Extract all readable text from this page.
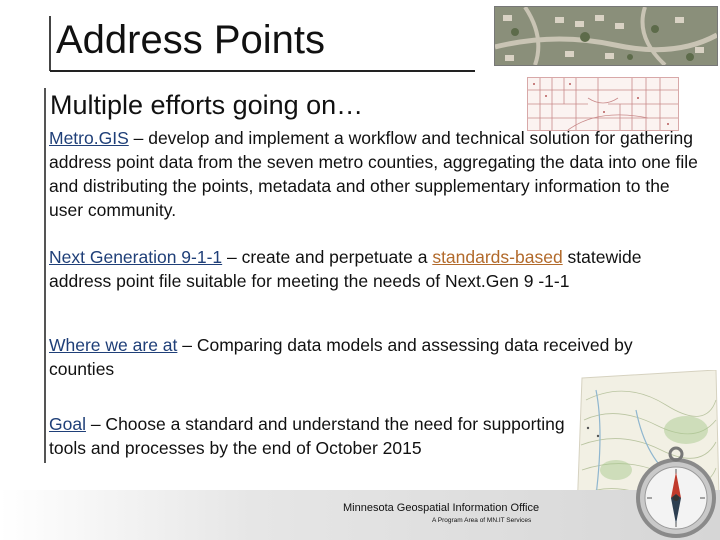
Address Points
Multiple efforts going on…

Metro.GIS – develop and implement a workflow and technical solution for gathering address point data from the seven metro counties, aggregating the data into one file and distributing the points, metadata and other supplementary information to the user community.

Next Generation 9-1-1 – create and perpetuate a standards-based statewide address point file suitable for meeting the needs of Next.Gen 9 -1-1

Where we are at – Comparing data models and assessing data received by counties

Goal – Choose a standard and understand the need for supporting tools and processes by the end of October 2015

Minnesota Geospatial Information Office
A Program Area of MN.IT Services
